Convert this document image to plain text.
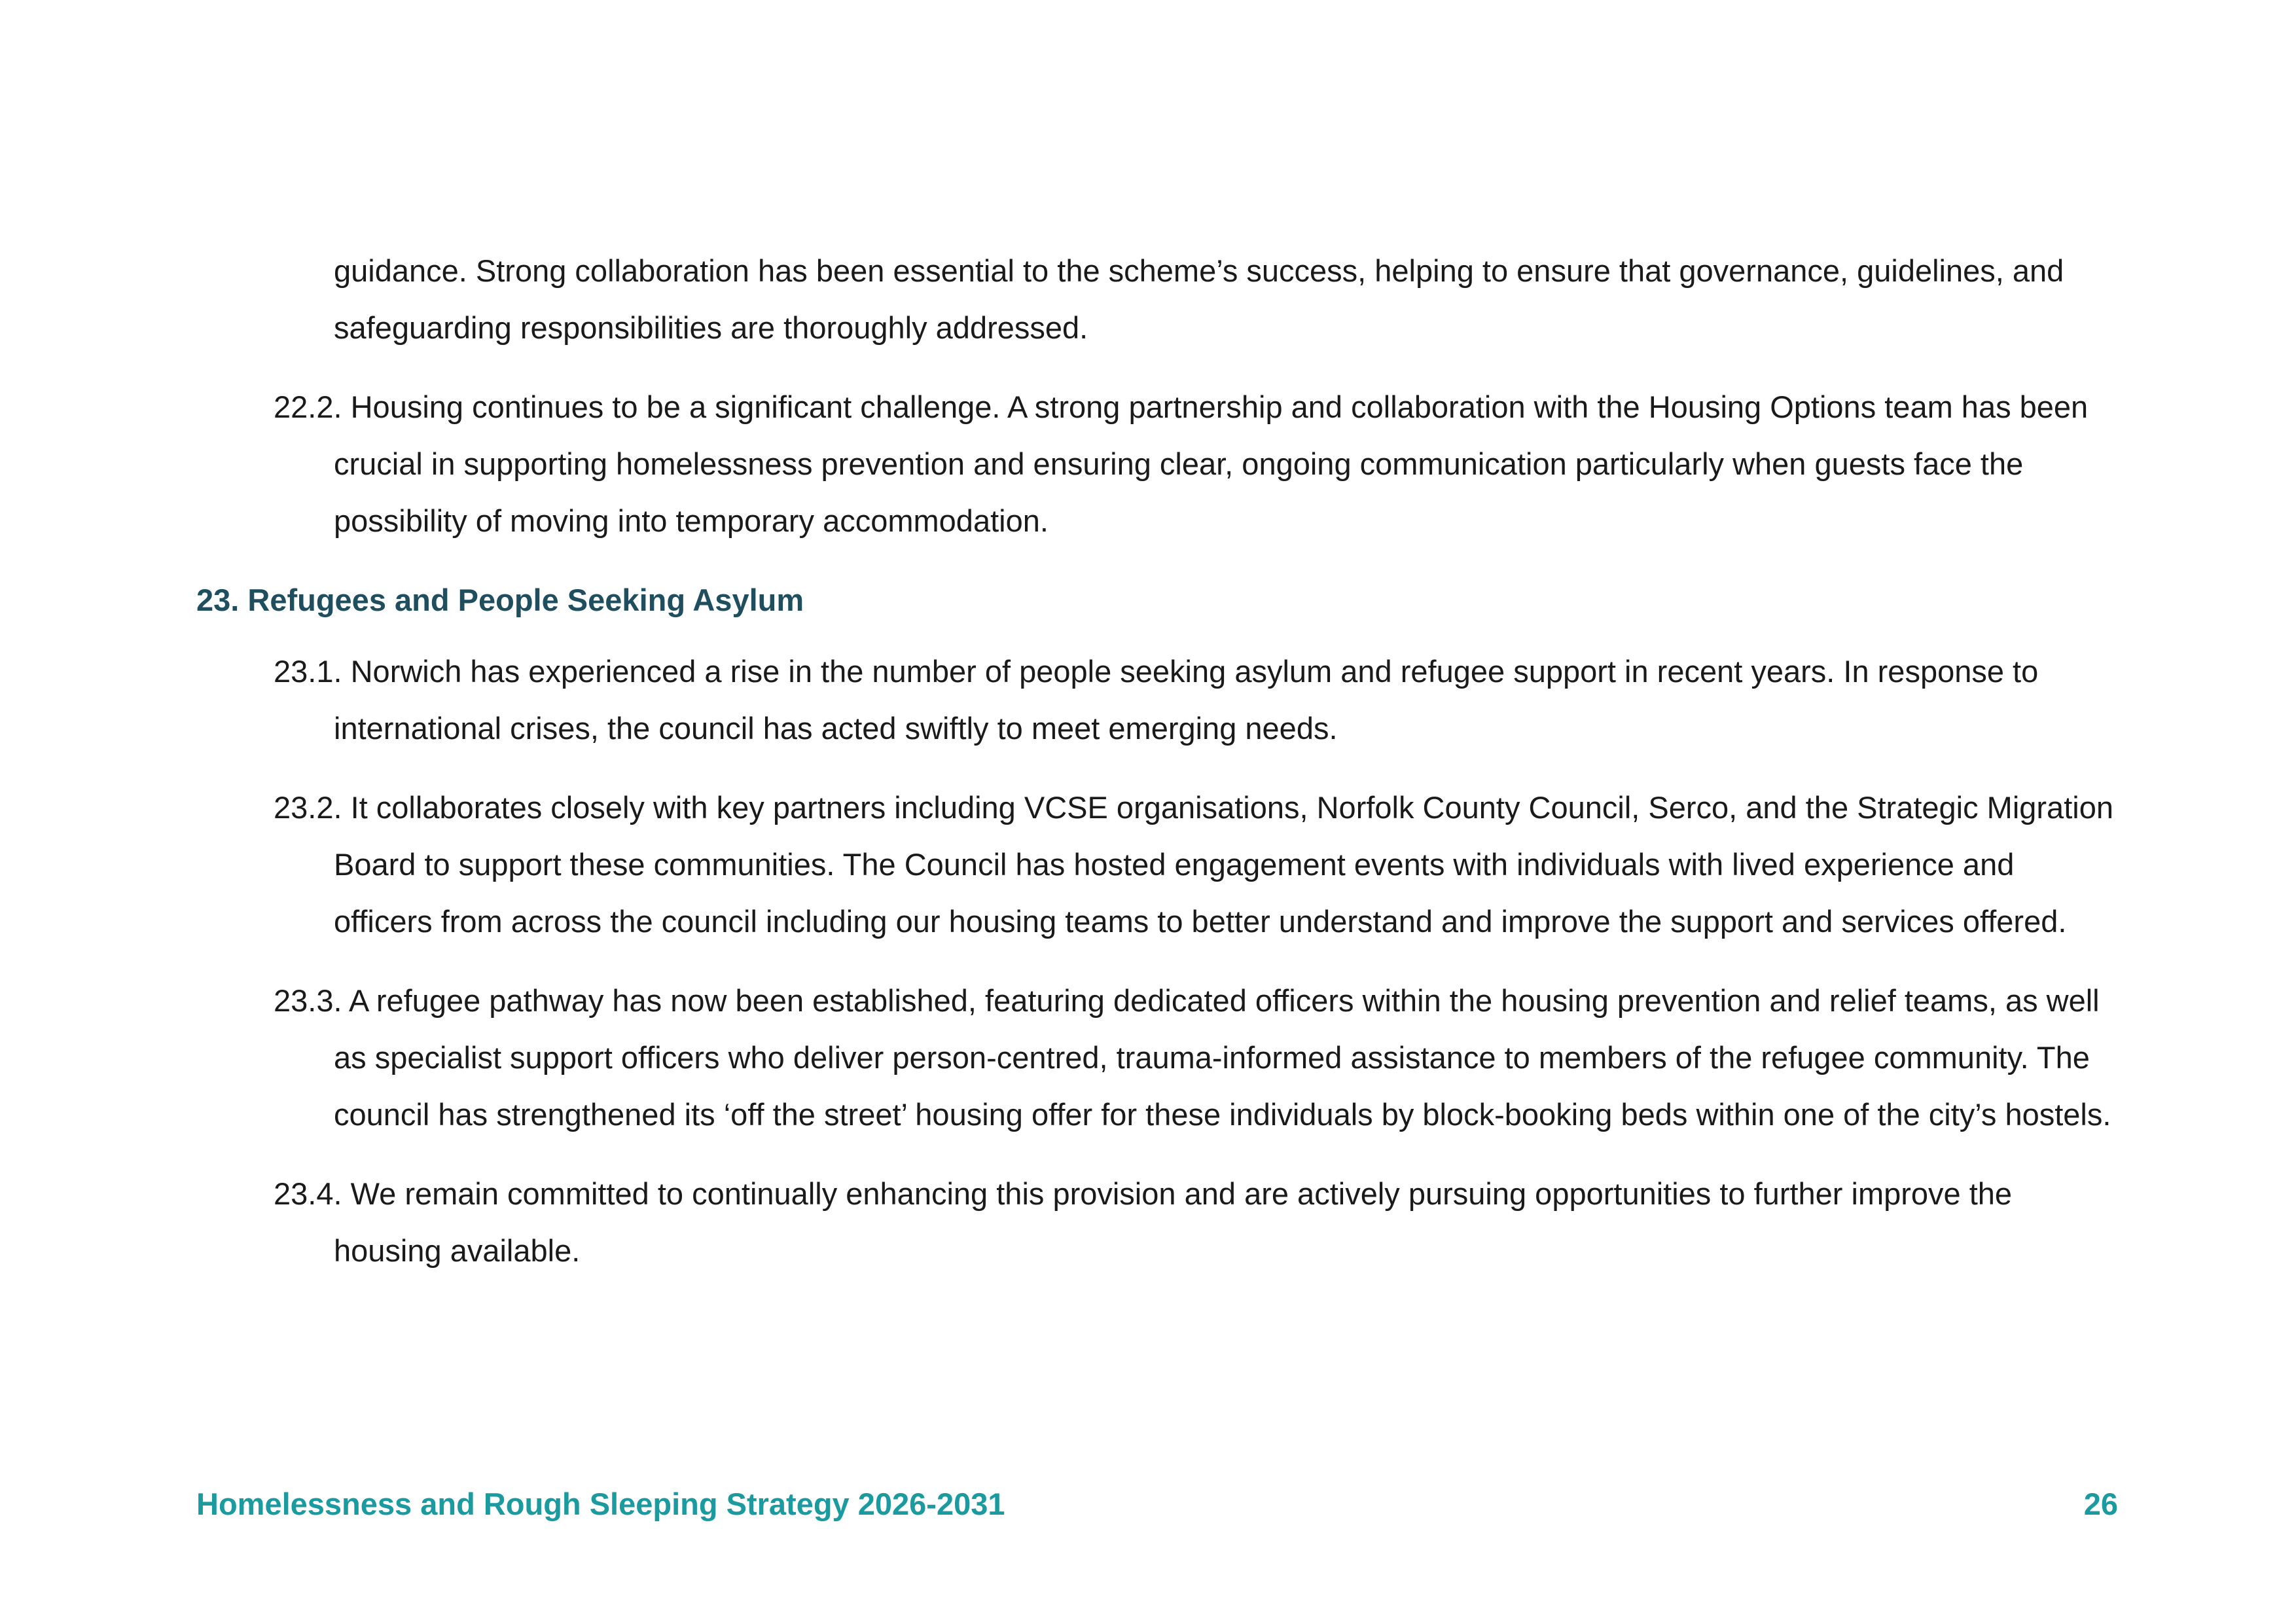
guidance. Strong collaboration has been essential to the scheme’s success, helping to ensure that governance, guidelines, and safeguarding responsibilities are thoroughly addressed.

22.2. Housing continues to be a significant challenge. A strong partnership and collaboration with the Housing Options team has been crucial in supporting homelessness prevention and ensuring clear, ongoing communication particularly when guests face the possibility of moving into temporary accommodation.

23. Refugees and People Seeking Asylum

23.1. Norwich has experienced a rise in the number of people seeking asylum and refugee support in recent years. In response to international crises, the council has acted swiftly to meet emerging needs.

23.2. It collaborates closely with key partners including VCSE organisations, Norfolk County Council, Serco, and the Strategic Migration Board to support these communities. The Council has hosted engagement events with individuals with lived experience and officers from across the council including our housing teams to better understand and improve the support and services offered.

23.3. A refugee pathway has now been established, featuring dedicated officers within the housing prevention and relief teams, as well as specialist support officers who deliver person-centred, trauma-informed assistance to members of the refugee community. The council has strengthened its ‘off the street’ housing offer for these individuals by block-booking beds within one of the city’s hostels.

23.4. We remain committed to continually enhancing this provision and are actively pursuing opportunities to further improve the housing available.

Homelessness and Rough Sleeping Strategy 2026-2031	26
